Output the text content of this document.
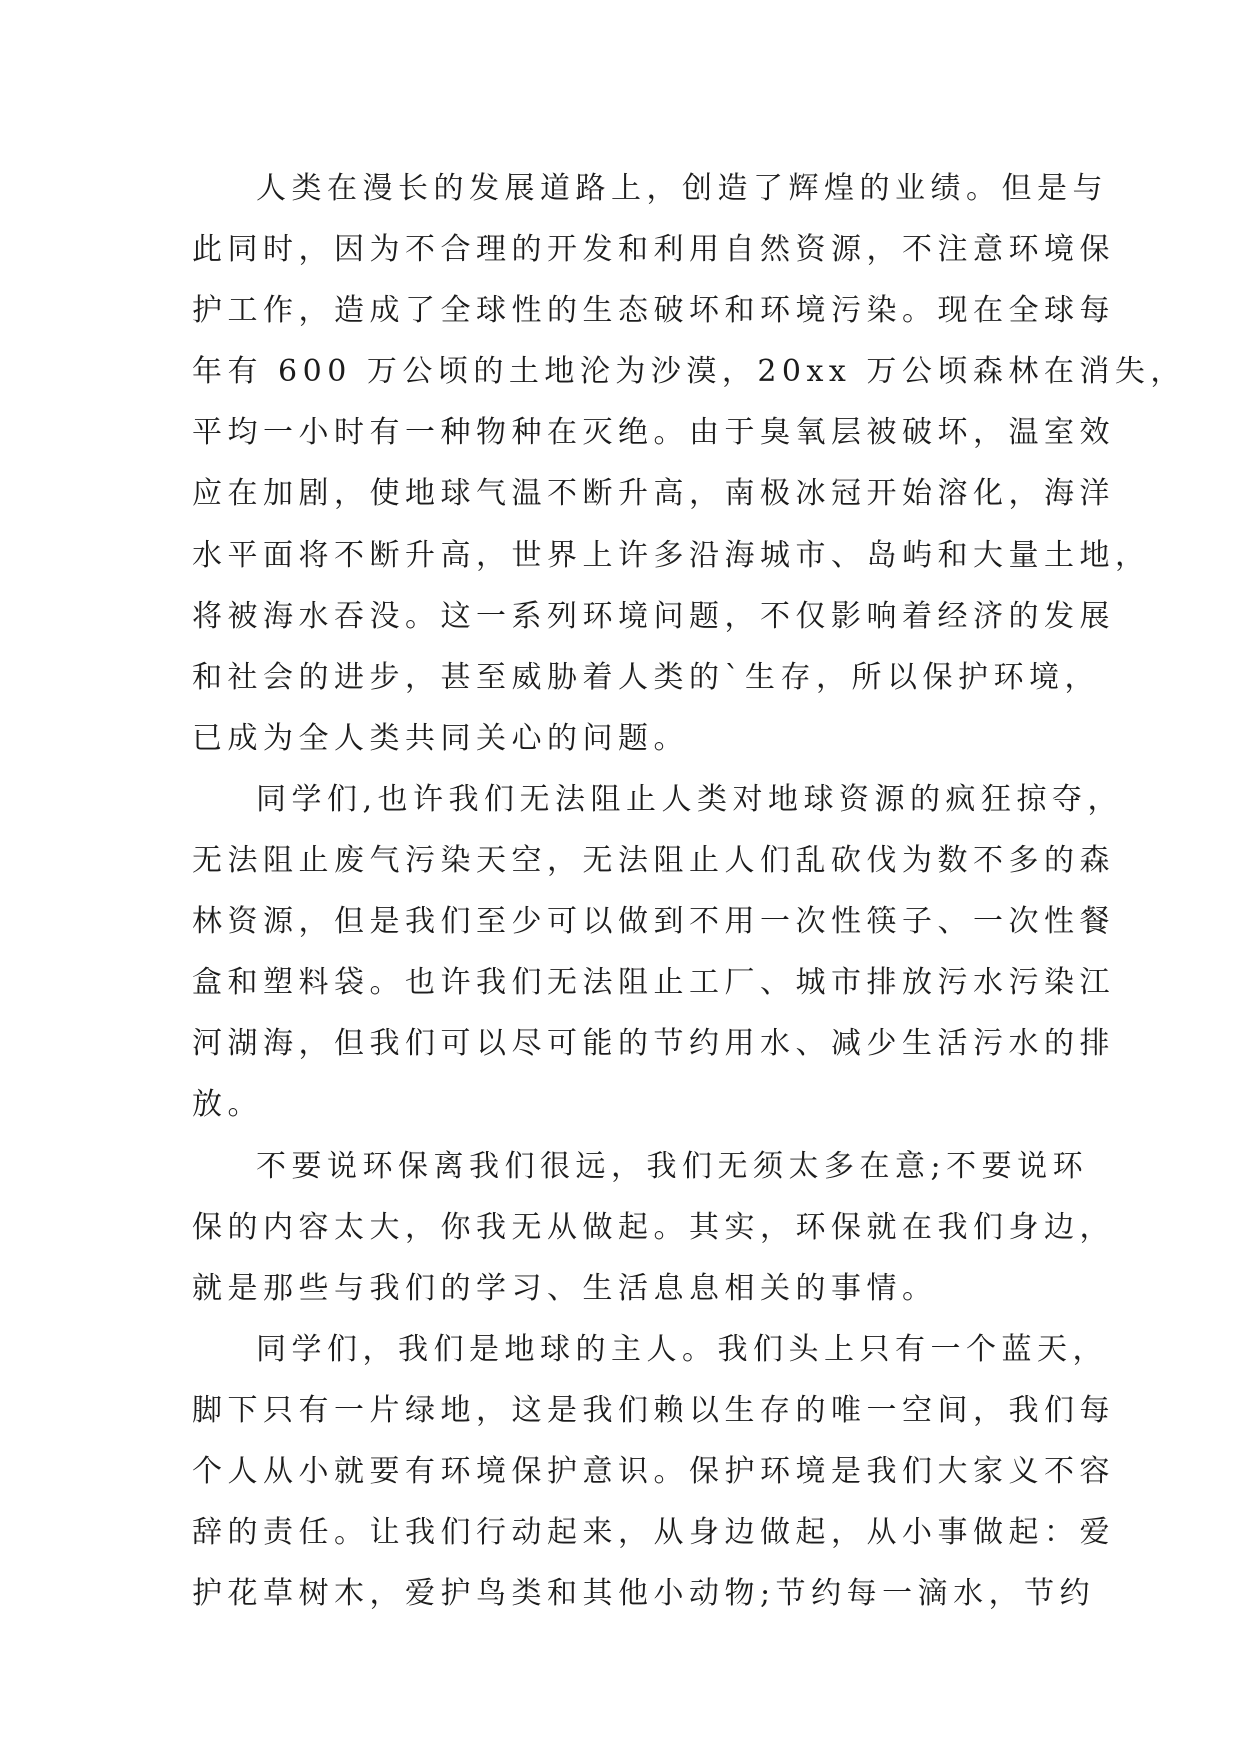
人类在漫长的发展道路上，创造了辉煌的业绩。但是与
此同时，因为不合理的开发和利用自然资源，不注意环境保
护工作，造成了全球性的生态破坏和环境污染。现在全球每
年有 600 万公顷的土地沦为沙漠，20xx 万公顷森林在消失，
平均一小时有一种物种在灭绝。由于臭氧层被破坏，温室效
应在加剧，使地球气温不断升高，南极冰冠开始溶化，海洋
水平面将不断升高，世界上许多沿海城市、岛屿和大量土地，
将被海水吞没。这一系列环境问题，不仅影响着经济的发展
和社会的进步，甚至威胁着人类的`生存，所以保护环境，
已成为全人类共同关心的问题。
同学们,也许我们无法阻止人类对地球资源的疯狂掠夺，
无法阻止废气污染天空，无法阻止人们乱砍伐为数不多的森
林资源，但是我们至少可以做到不用一次性筷子、一次性餐
盒和塑料袋。也许我们无法阻止工厂、城市排放污水污染江
河湖海，但我们可以尽可能的节约用水、减少生活污水的排
放。
不要说环保离我们很远，我们无须太多在意;不要说环
保的内容太大，你我无从做起。其实，环保就在我们身边，
就是那些与我们的学习、生活息息相关的事情。
同学们，我们是地球的主人。我们头上只有一个蓝天，
脚下只有一片绿地，这是我们赖以生存的唯一空间，我们每
个人从小就要有环境保护意识。保护环境是我们大家义不容
辞的责任。让我们行动起来，从身边做起，从小事做起：爱
护花草树木，爱护鸟类和其他小动物;节约每一滴水，节约
